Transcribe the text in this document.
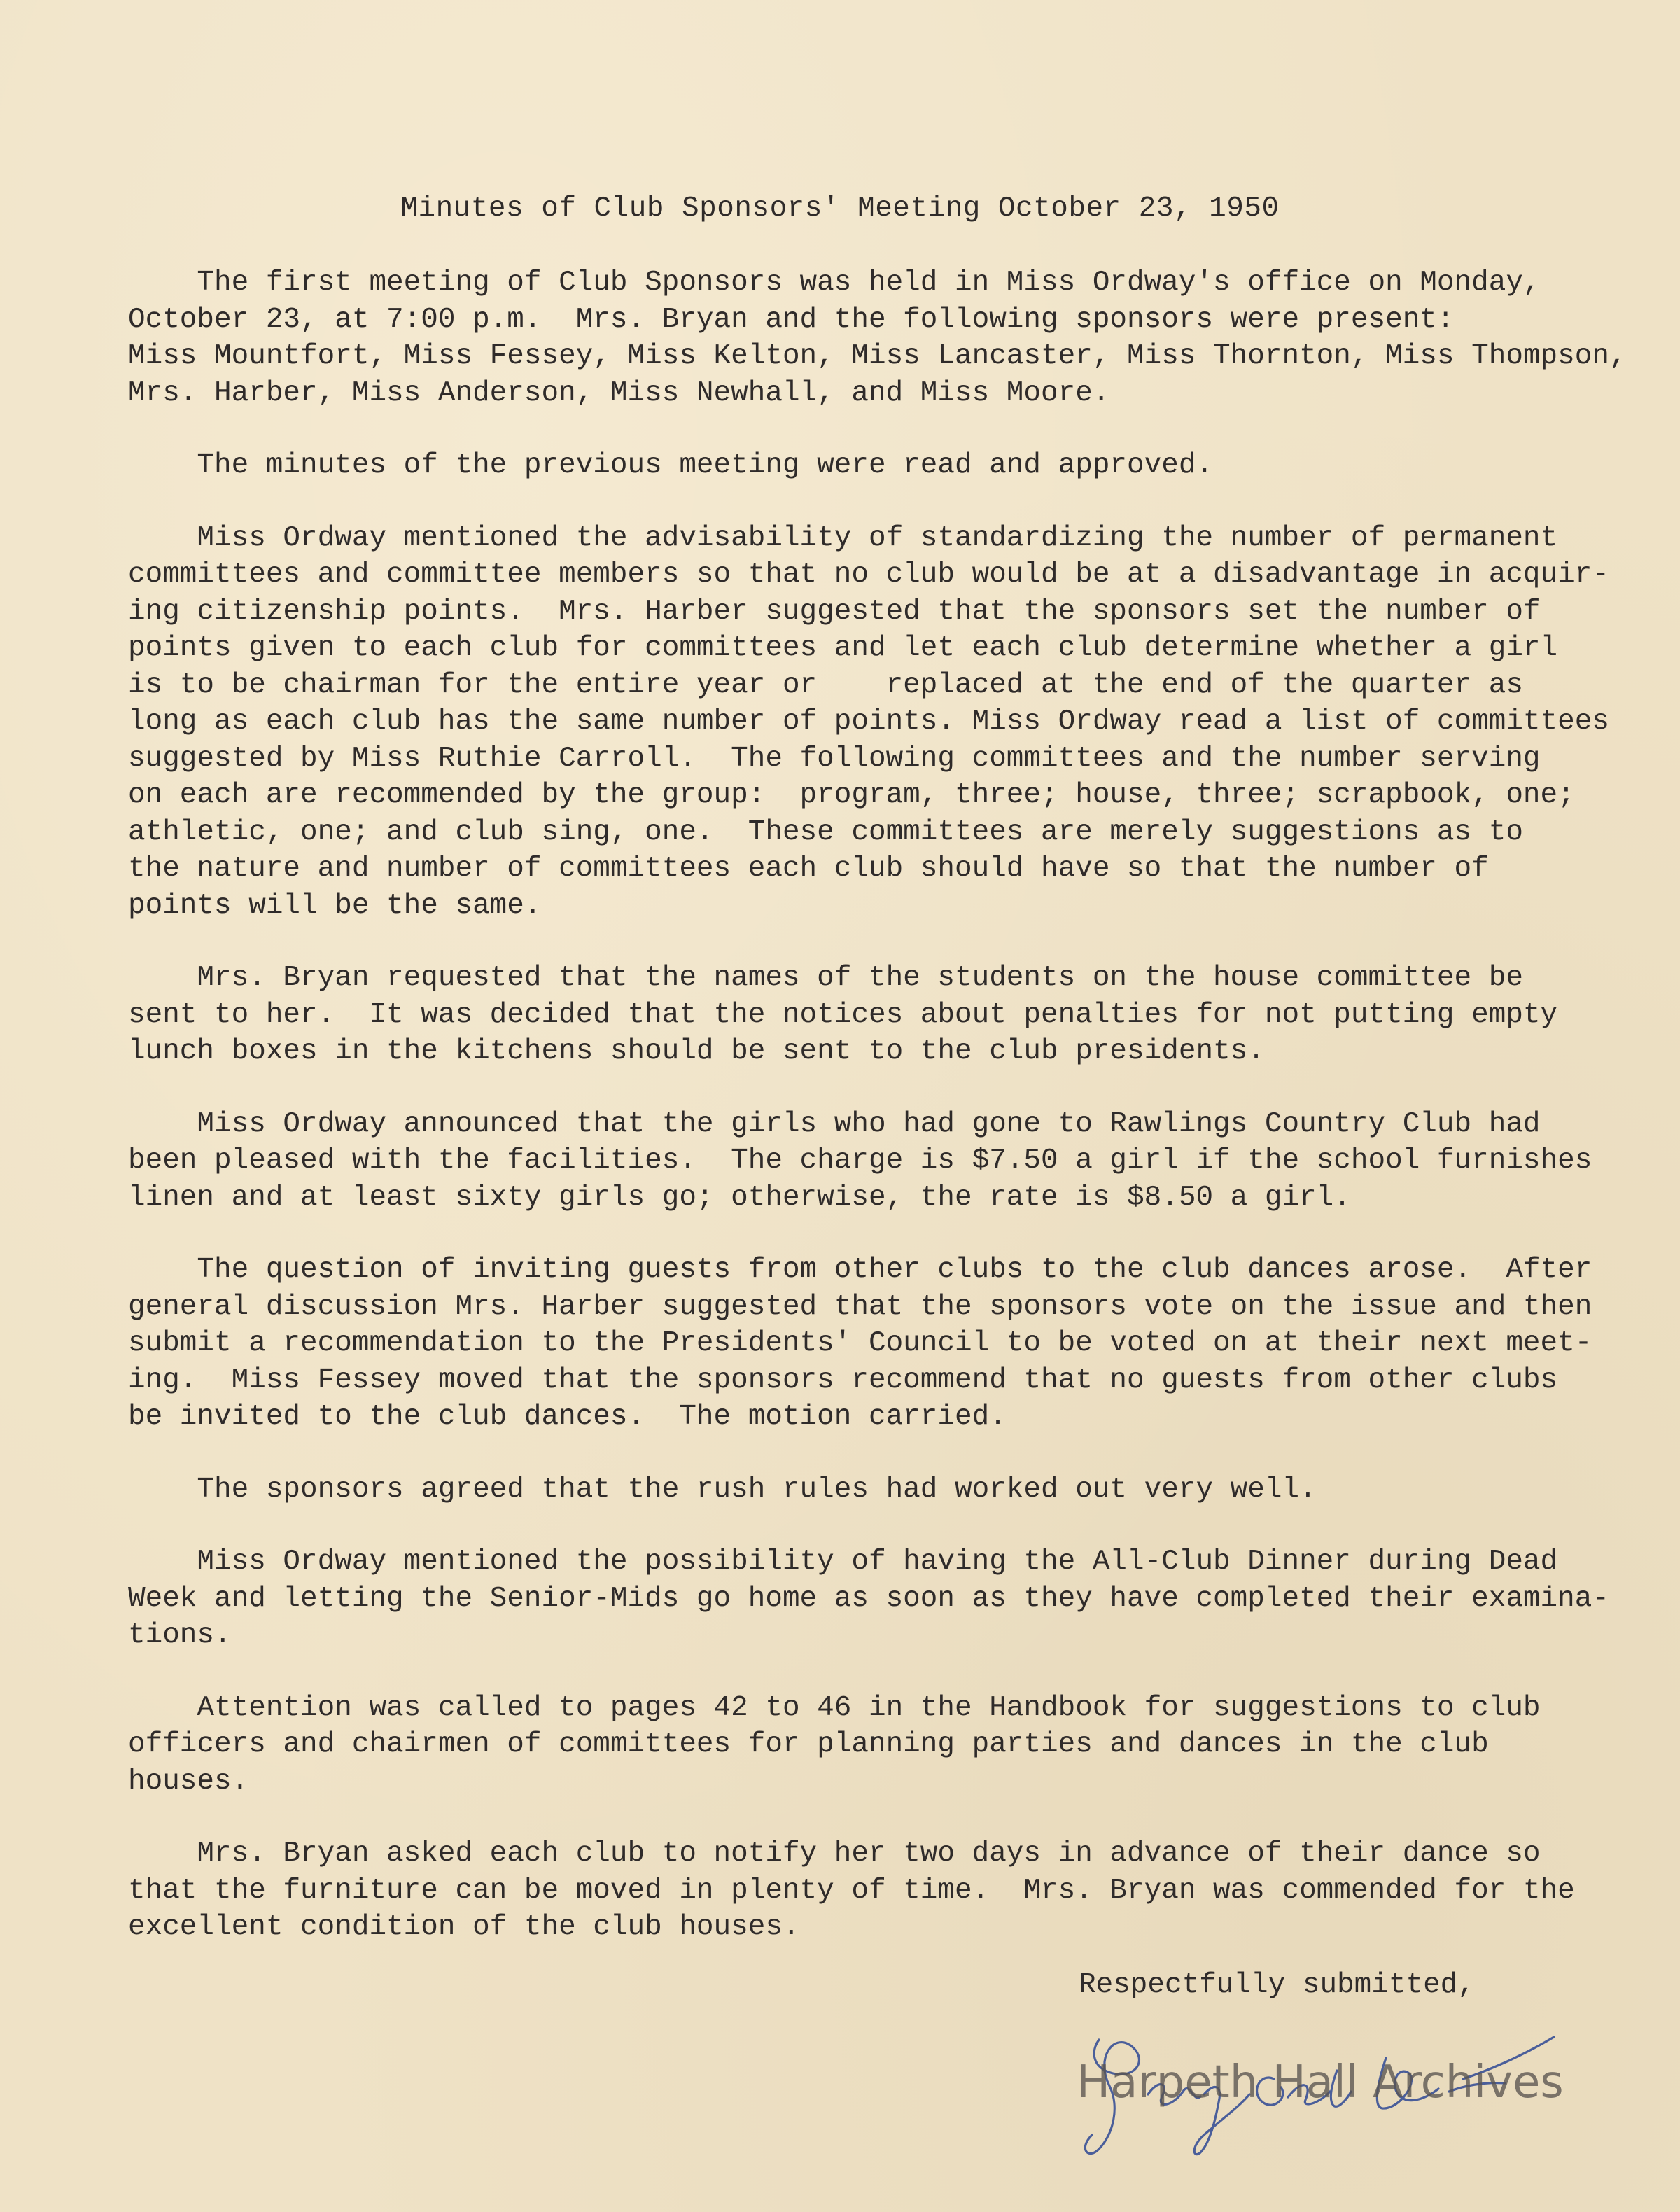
Minutes of Club Sponsors' Meeting October 23, 1950
The first meeting of Club Sponsors was held in Miss Ordway's office on Monday,
October 23, at 7:00 p.m.  Mrs. Bryan and the following sponsors were present:
Miss Mountfort, Miss Fessey, Miss Kelton, Miss Lancaster, Miss Thornton, Miss Thompson,
Mrs. Harber, Miss Anderson, Miss Newhall, and Miss Moore.
The minutes of the previous meeting were read and approved.
Miss Ordway mentioned the advisability of standardizing the number of permanent
committees and committee members so that no club would be at a disadvantage in acquir-
ing citizenship points.  Mrs. Harber suggested that the sponsors set the number of
points given to each club for committees and let each club determine whether a girl
is to be chairman for the entire year or    replaced at the end of the quarter as
long as each club has the same number of points. Miss Ordway read a list of committees
suggested by Miss Ruthie Carroll.  The following committees and the number serving
on each are recommended by the group:  program, three; house, three; scrapbook, one;
athletic, one; and club sing, one.  These committees are merely suggestions as to
the nature and number of committees each club should have so that the number of
points will be the same.
Mrs. Bryan requested that the names of the students on the house committee be
sent to her.  It was decided that the notices about penalties for not putting empty
lunch boxes in the kitchens should be sent to the club presidents.
Miss Ordway announced that the girls who had gone to Rawlings Country Club had
been pleased with the facilities.  The charge is $7.50 a girl if the school furnishes
linen and at least sixty girls go; otherwise, the rate is $8.50 a girl.
The question of inviting guests from other clubs to the club dances arose.  After
general discussion Mrs. Harber suggested that the sponsors vote on the issue and then
submit a recommendation to the Presidents' Council to be voted on at their next meet-
ing.  Miss Fessey moved that the sponsors recommend that no guests from other clubs
be invited to the club dances.  The motion carried.
The sponsors agreed that the rush rules had worked out very well.
Miss Ordway mentioned the possibility of having the All-Club Dinner during Dead
Week and letting the Senior-Mids go home as soon as they have completed their examina-
tions.
Attention was called to pages 42 to 46 in the Handbook for suggestions to club
officers and chairmen of committees for planning parties and dances in the club
houses.
Mrs. Bryan asked each club to notify her two days in advance of their dance so
that the furniture can be moved in plenty of time.  Mrs. Bryan was commended for the
excellent condition of the club houses.
Respectfully submitted,
Harpeth Hall Archives
